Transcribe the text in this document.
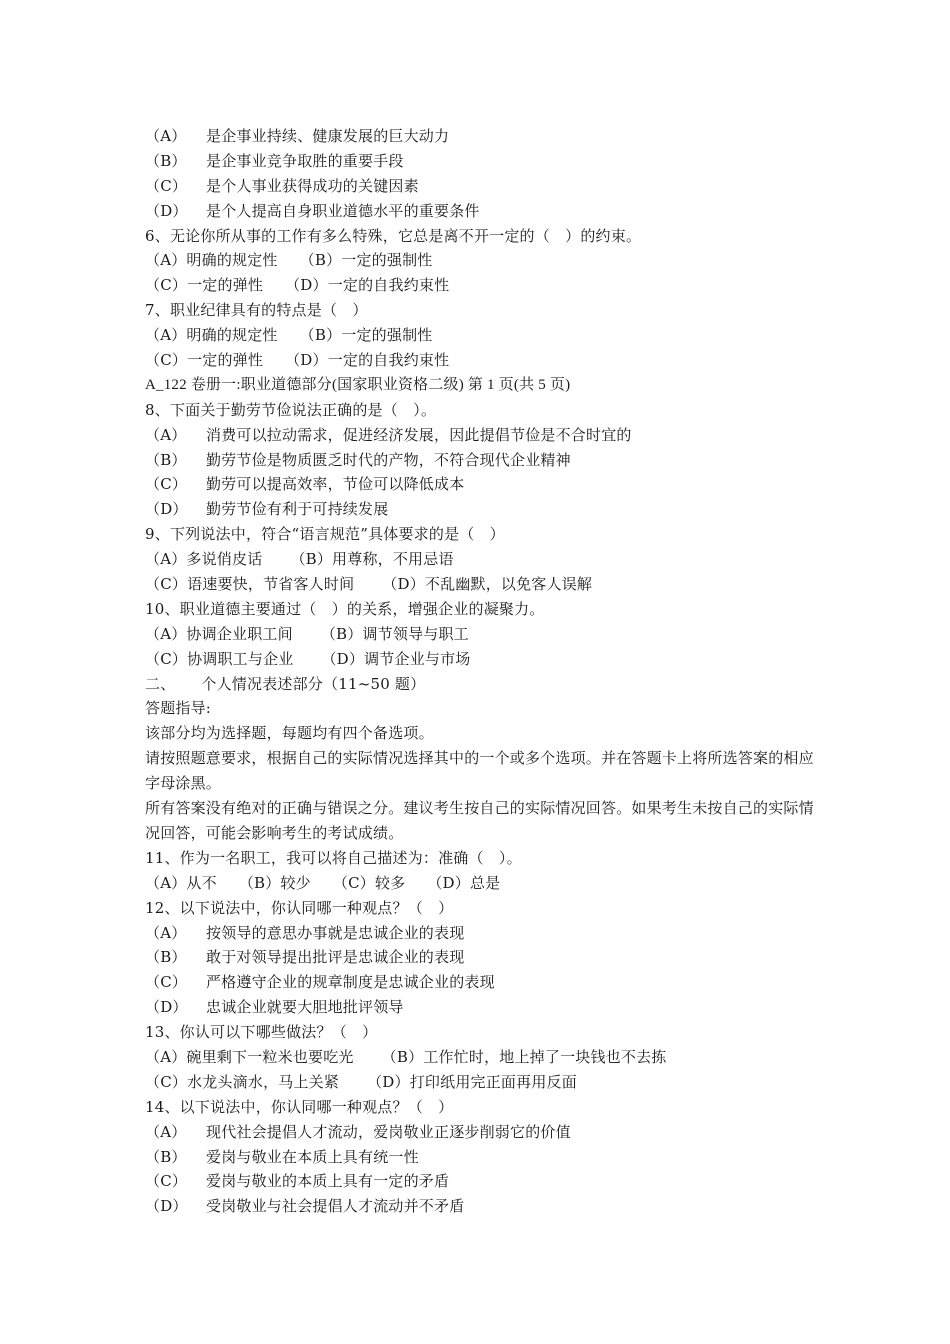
（A） 是企事业持续、健康发展的巨大动力
（B） 是企事业竞争取胜的重要手段
（C） 是个人事业获得成功的关键因素
（D） 是个人提高自身职业道德水平的重要条件
6、无论你所从事的工作有多么特殊，它总是离不开一定的（　）的约束。
（A）明确的规定性 （B）一定的强制性
（C）一定的弹性 （D）一定的自我约束性
7、职业纪律具有的特点是（　）
（A）明确的规定性 （B）一定的强制性
（C）一定的弹性 （D）一定的自我约束性
A_122 卷册一:职业道德部分(国家职业资格二级) 第 1 页(共 5 页)
8、下面关于勤劳节俭说法正确的是（　）。
（A） 消费可以拉动需求，促进经济发展，因此提倡节俭是不合时宜的
（B） 勤劳节俭是物质匮乏时代的产物，不符合现代企业精神
（C） 勤劳可以提高效率，节俭可以降低成本
（D） 勤劳节俭有利于可持续发展
9、下列说法中，符合“语言规范”具体要求的是（　）
（A）多说俏皮话 （B）用尊称，不用忌语
（C）语速要快，节省客人时间 （D）不乱幽默，以免客人误解
10、职业道德主要通过（　）的关系，增强企业的凝聚力。
（A）协调企业职工间 （B）调节领导与职工
（C）协调职工与企业 （D）调节企业与市场
二、 个人情况表述部分（11~50 题）
答题指导:
该部分均为选择题，每题均有四个备选项。
请按照题意要求，根据自己的实际情况选择其中的一个或多个选项。并在答题卡上将所选答案的相应字母涂黑。
所有答案没有绝对的正确与错误之分。建议考生按自己的实际情况回答。如果考生未按自己的实际情况回答，可能会影响考生的考试成绩。
11、作为一名职工，我可以将自己描述为：准确（　）。
（A）从不 （B）较少 （C）较多 （D）总是
12、以下说法中，你认同哪一种观点？（　）
（A） 按领导的意思办事就是忠诚企业的表现
（B） 敢于对领导提出批评是忠诚企业的表现
（C） 严格遵守企业的规章制度是忠诚企业的表现
（D） 忠诚企业就要大胆地批评领导
13、你认可以下哪些做法？（　）
（A）碗里剩下一粒米也要吃光 （B）工作忙时，地上掉了一块钱也不去拣
（C）水龙头滴水，马上关紧 （D）打印纸用完正面再用反面
14、以下说法中，你认同哪一种观点？（　）
（A） 现代社会提倡人才流动，爱岗敬业正逐步削弱它的价值
（B） 爱岗与敬业在本质上具有统一性
（C） 爱岗与敬业的本质上具有一定的矛盾
（D） 受岗敬业与社会提倡人才流动并不矛盾
